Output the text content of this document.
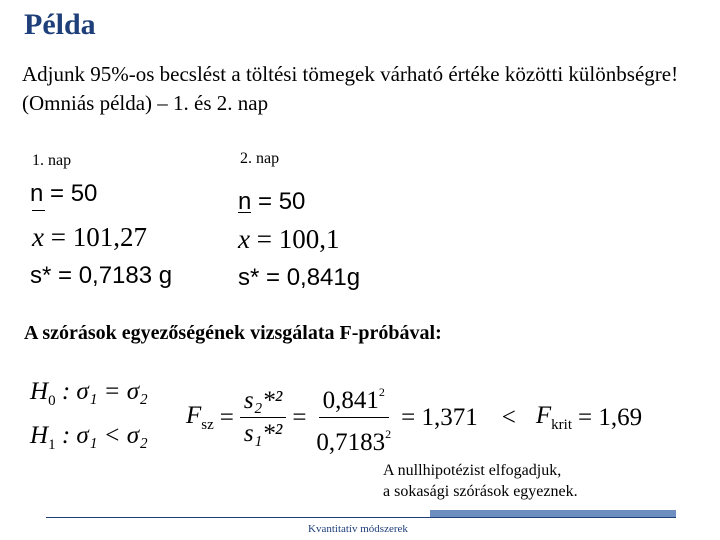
Példa
Adjunk 95%-os becslést a töltési tömegek várható értéke közötti különbségre! (Omniás példa) – 1. és 2. nap
1. nap
n = 50
x = 101,27
s* = 0,7183 g
2. nap
n = 50
x = 100,1
s* = 0,841g
A szórások egyezőségének vizsgálata F-próbával:
$H_0$ : σ₁ = σ₂
$H_1$ : σ₁ < σ₂
$F_{sz} = \frac{\text{s₂*²}}{\text{s₁*²}} = \frac{0,841^2}{0,7183^2} = 1,371 < F_{krit} = 1,69$
A nullhipotézist elfogadjuk,
a sokasági szórások egyeznek.
Kvantitatív módszerek
